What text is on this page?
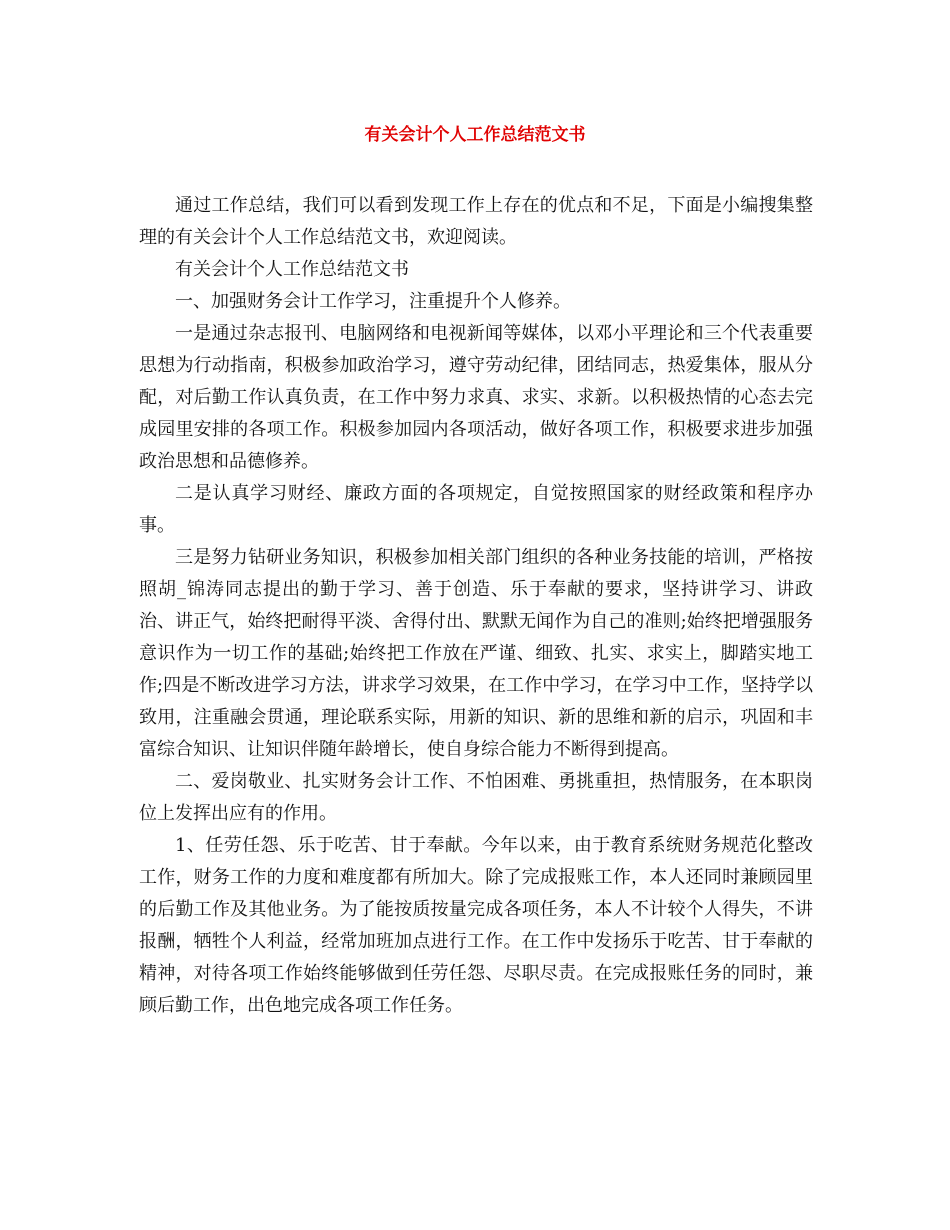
有关会计个人工作总结范文书

通过工作总结，我们可以看到发现工作上存在的优点和不足，下面是小编搜集整理的有关会计个人工作总结范文书，欢迎阅读。

有关会计个人工作总结范文书

一、加强财务会计工作学习，注重提升个人修养。

一是通过杂志报刊、电脑网络和电视新闻等媒体，以邓小平理论和三个代表重要思想为行动指南，积极参加政治学习，遵守劳动纪律，团结同志，热爱集体，服从分配，对后勤工作认真负责，在工作中努力求真、求实、求新。以积极热情的心态去完成园里安排的各项工作。积极参加园内各项活动，做好各项工作，积极要求进步加强政治思想和品德修养。

二是认真学习财经、廉政方面的各项规定，自觉按照国家的财经政策和程序办事。

三是努力钻研业务知识，积极参加相关部门组织的各种业务技能的培训，严格按照胡_锦涛同志提出的勤于学习、善于创造、乐于奉献的要求，坚持讲学习、讲政治、讲正气，始终把耐得平淡、舍得付出、默默无闻作为自己的准则;始终把增强服务意识作为一切工作的基础;始终把工作放在严谨、细致、扎实、求实上，脚踏实地工作;四是不断改进学习方法，讲求学习效果，在工作中学习，在学习中工作，坚持学以致用，注重融会贯通，理论联系实际，用新的知识、新的思维和新的启示，巩固和丰富综合知识、让知识伴随年龄增长，使自身综合能力不断得到提高。

二、爱岗敬业、扎实财务会计工作、不怕困难、勇挑重担，热情服务，在本职岗位上发挥出应有的作用。

1、任劳任怨、乐于吃苦、甘于奉献。今年以来，由于教育系统财务规范化整改工作，财务工作的力度和难度都有所加大。除了完成报账工作，本人还同时兼顾园里的后勤工作及其他业务。为了能按质按量完成各项任务，本人不计较个人得失，不讲报酬，牺牲个人利益，经常加班加点进行工作。在工作中发扬乐于吃苦、甘于奉献的精神，对待各项工作始终能够做到任劳任怨、尽职尽责。在完成报账任务的同时，兼顾后勤工作，出色地完成各项工作任务。
